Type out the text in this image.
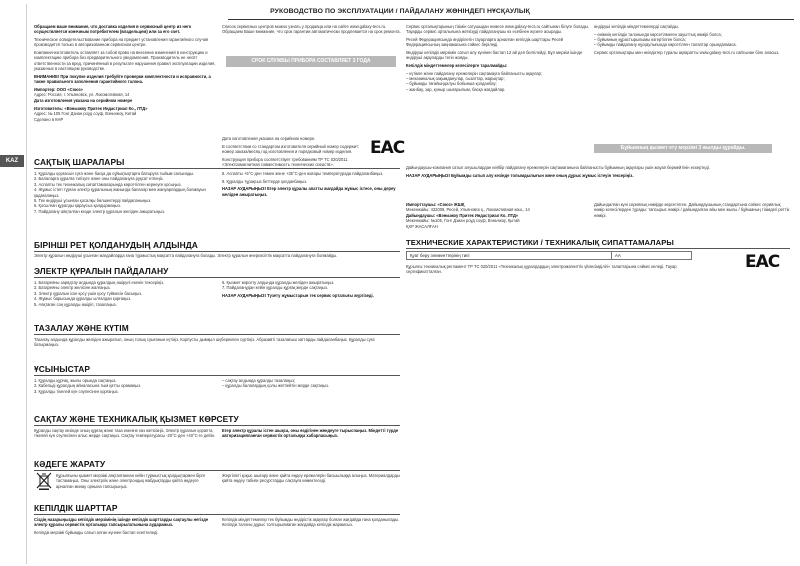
РУКОВОДСТВО ПО ЭКСПЛУАТАЦИИ / ПАЙДАЛАНУ ЖӨНІНДЕГІ НҰСҚАУЛЫҚ
KAZ

Обращаем ваше внимание, что доставка изделия в сервисный центр из него осуществляется конечным потребителем (владельцем) или за его счет.

Техническое освидетельствование прибора на предмет установления гарантийного случая производится только в авторизованном сервисном центре.

Компания-изготовитель оставляет за собой право на внесение изменений в конструкцию и комплектацию прибора без предварительного уведомления. Производитель не несёт ответственности за вред, причинённый в результате нарушения правил эксплуатации изделия, указанных в настоящем руководстве.

ВНИМАНИЕ! При покупке изделия требуйте проверки комплектности и исправности, а также правильного заполнения гарантийного талона.

Импортер: ООО «Союз»

Адрес: Россия, г. Ульяновск, ул. Локомотивная, 14

Дата изготовления указана на серийном номере

Изготовитель: «Вэньчжоу Притек Индастриал Ко., ЛТД»

Адрес: № 105 Гонг Дзиан роуд соуф, Вэньчжоу, Китай

Сделано в КНР

Список сервисных центров можно узнать у продавца или на сайте www.galaxy-tecs.ru. Обращаем Ваше внимание, что срок гарантии автоматически продлевается на срок ремонта.

СРОК СЛУЖБЫ ПРИБОРА СОСТАВЛЯЕТ 3 ГОДА

Дата изготовления указана на серийном номере.

В соответствии со стандартом изготовителя серийный номер содержит: номер заказа/месяц год изготовления и порядковый номер изделия.

Конструкция прибора соответствует требованиям ТР ТС 020/2011 «Электромагнитная совместимость технических средств».

EAC

Сервис орталықтарының тізімін сатушыдан немесе www.galaxy-tecs.ru сайтынан білуге болады. Тауарды сервис орталығына жеткізуді пайдаланушы өз есебінен жүзеге асырады.

Ресей Федерациясында өндірілетін тауарларға арналған кепілдік шарттары Ресей Федерациясының заңнамасына сәйкес беріледі.

Өндіруші кепілдік мерзімін сатып алу күнінен бастап 12 ай деп белгілейді. Бұл мерзім ішінде өндіруші ақауларды тегін жояды.

Кепілдік міндеттемелер келесілерге таралмайды:

– күтімге және пайдалану ережелерін сақтамауға байланысты ақаулар;

– механикалық зақымданулар, сызаттар, жарықтар;

– бұйымды тағайындалуы бойынша қолданбау;

– жанбау, зар, қоныр шығарылым, басқа жағдайлар.

Дайындаушы-компания сатып алушылардан кейбір пайдалану ережелерін сақтамағанына байланысты бұйымның ақаулары үшін жауап бермейтінін ескертеді.

НАЗАР АУДАРЫҢЫЗ! Бұйымды сатып алу кезінде толымдылығын және оның дұрыс жұмыс істеуін тексеріңіз.

Импорттаушы: «Союз» ЖШҚ

Мекенжайы: 432008, Ресей, Ульяновск қ., Локомотивная көш., 14

Дайындаушы: «Вэньчжоу Притек Индастриал Ко. ЛТД»

Мекенжайы: №105, Гонг Дзиан роуд соуф, Вэньчжоу, Қытай

ҚХР ЖАСАЛҒАН

өндіруші кепілдік міндеттемелерді сақтайды.

– өнімнің кепілдік талонында көрсетілмеген зауыттық нөмірі болса;

– бұйымның құрастырылымы өзгертілген болса;

– бұйымды пайдалану нұсқаулығында көрсетілген талаптар орындалмаса.

Сервис орталықтары мен өкілдіктер туралы ақпаратты www.galaxy-tecs.ru сайтынан біле аласыз.

Бұйымның қызмет ету мерзімі 3 жылды құрайды.

Дайындалған күні сериялық нөмірде көрсетілген. Дайындаушының стандартына сәйкес сериялық нөмір келесілерден тұрады: тапсырыс нөмірі / дайындалған айы мен жылы / бұйымның тізімдегі реттік нөмірі.

САҚТЫҚ ШАРАЛАРЫ

1. Құралды қорғасын суға және басқа да сұйықтықтарға батыруға тыйым салынады.

2. Балаларға құралға тигізуге және оны пайдалануға рұқсат етпеңіз.

3. Аспапты тек техникалық сипаттамаларында көрсетілген кернеуге қосыңыз.

4. Жұмыс істеп тұрған электр құралының жанында балалар мен жануарлардың болмауын қадағалаңыз.

5. Тек өндіруші ұсынған қосалқы бөлшектерді пайдаланыңыз.

6. Қосылған құралды қараусыз қалдырмаңыз.

7. Пайдалану аяқталған кезде электр құралын желіден ажыратыңыз.

8. Аспапты +5°С-ден төмен және +35°С-ден жоғары температурада пайдаланбаңыз.

9. Құралды тұрақсыз беттерде қолданбаңыз.

НАЗАР АУДАРЫҢЫЗ! Егер электр құралы апатты жағдайда жұмыс істесе, оны дереу желіден ажыратыңыз.

БІРІНШІ РЕТ ҚОЛДАНУДЫҢ АЛДЫНДА

Электр құралын өндіруші ұсынған жағдайларда ғана тұрмыстық мақсатта пайдалануға болады. Электр құралын өнеркәсіптік мақсатта пайдалануға болмайды.

ЭЛЕКТР ҚҰРАЛЫН ПАЙДАЛАНУ

1. Батареяны зарядтау алдында құралдың өшірулі екенін тексеріңіз.

2. Батареяны электр желісіне жалғаңыз.

3. Электр құралын іске қосу үшін қосу түймесін басыңыз.

4. Жұмыс барысында құралды ылғалдан қорғаңыз.

5. Аяқтаған соң құралды өшіріп, тазалаңыз.

6. Қызмет көрсету алдында құралды желіден ажыратыңыз.

7. Пайдаланудан кейін құралды құрғақ жерде сақтаңыз.

НАЗАР АУДАРЫҢЫЗ! Түзету жұмыстарын тек сервис орталығы жүргізеді.

ТАЗАЛАУ ЖӘНЕ КҮТІМ

Тазалау алдында құралды желіден ажыратып, оның толық суығанын күтіңіз. Корпусты дымқыл шүберекпен сүртіңіз. Абразивті тазалағыш заттарды пайдаланбаңыз. Құралды суға батырмаңыз.

ҰСЫНЫСТАР

1. Құралды құрғақ, жылы орында сақтаңыз.

2. Кабельді құралдың айналасына тым қатты орамаңыз.

3. Құралды тікелей күн сәулесінен қорғаңыз.

– сақтау алдында құралды тазалаңыз;

– құралды балалардың қолы жетпейтін жерде сақтаңыз.

САҚТАУ ЖӘНЕ ТЕХНИКАЛЫҚ ҚЫЗМЕТ КӨРСЕТУ

Құралды сақтау кезінде оның құрғақ және таза екеніне көз жеткізіңіз. Электр құралын қорапта, тікелей күн сәулесінен алыс жерде сақтаңыз. Сақтау температурасы -20°С-ден +40°С-ге дейін.

Егер электр құралы істен шықса, оны өздігінен жөндеуге тырыспаңыз. Міндетті түрде авторизацияланған сервистік орталыққа хабарласыңыз.

КӘДЕГЕ ЖАРАТУ

Құрылғыны қызмет мерзімі аяқталғаннан кейін тұрмыстық қалдықтармен бірге тастамаңыз. Оны электрлік және электрондық жабдықтарды қайта өңдеуге арналған жинау орнына тапсырыңыз.

Жергілікті қоқыс шығару және қайта өңдеу ережелерін басшылыққа алыңыз. Материалдарды қайта өңдеу табиғи ресурстарды сақтауға көмектеседі.

КЕПІЛДІК ШАРТТАР

Сіздің назарыңызды кепілдік мерзімінің ішінде кепілдік шарттарды сақтаулы негізде электр құралы сервистік орталыққа тапсырылатынына аударамыз.

Кепілдік мерзімі бұйымды сатып алған күннен бастап есептеледі.

Кепілдік міндеттемелер тек бұйымды өндірістік ақаулар болған жағдайда ғана қолданылады. Кепілдік талоны дұрыс толтырылмаған жағдайда кепілдік жарамсыз.

ТЕХНИЧЕСКИЕ ХАРАКТЕРИСТИКИ / ТЕХНИКАЛЫҚ СИПАТТАМАЛАРЫ
Қуат беру элементтерінің типі	АА

Құрылғы техникалық регламент ТР ТС 020/2011 «Техникалық құралдардың электромагниттік үйлесімділігі» талаптарына сәйкес келеді. Тауар сертификатталған.	EAC
